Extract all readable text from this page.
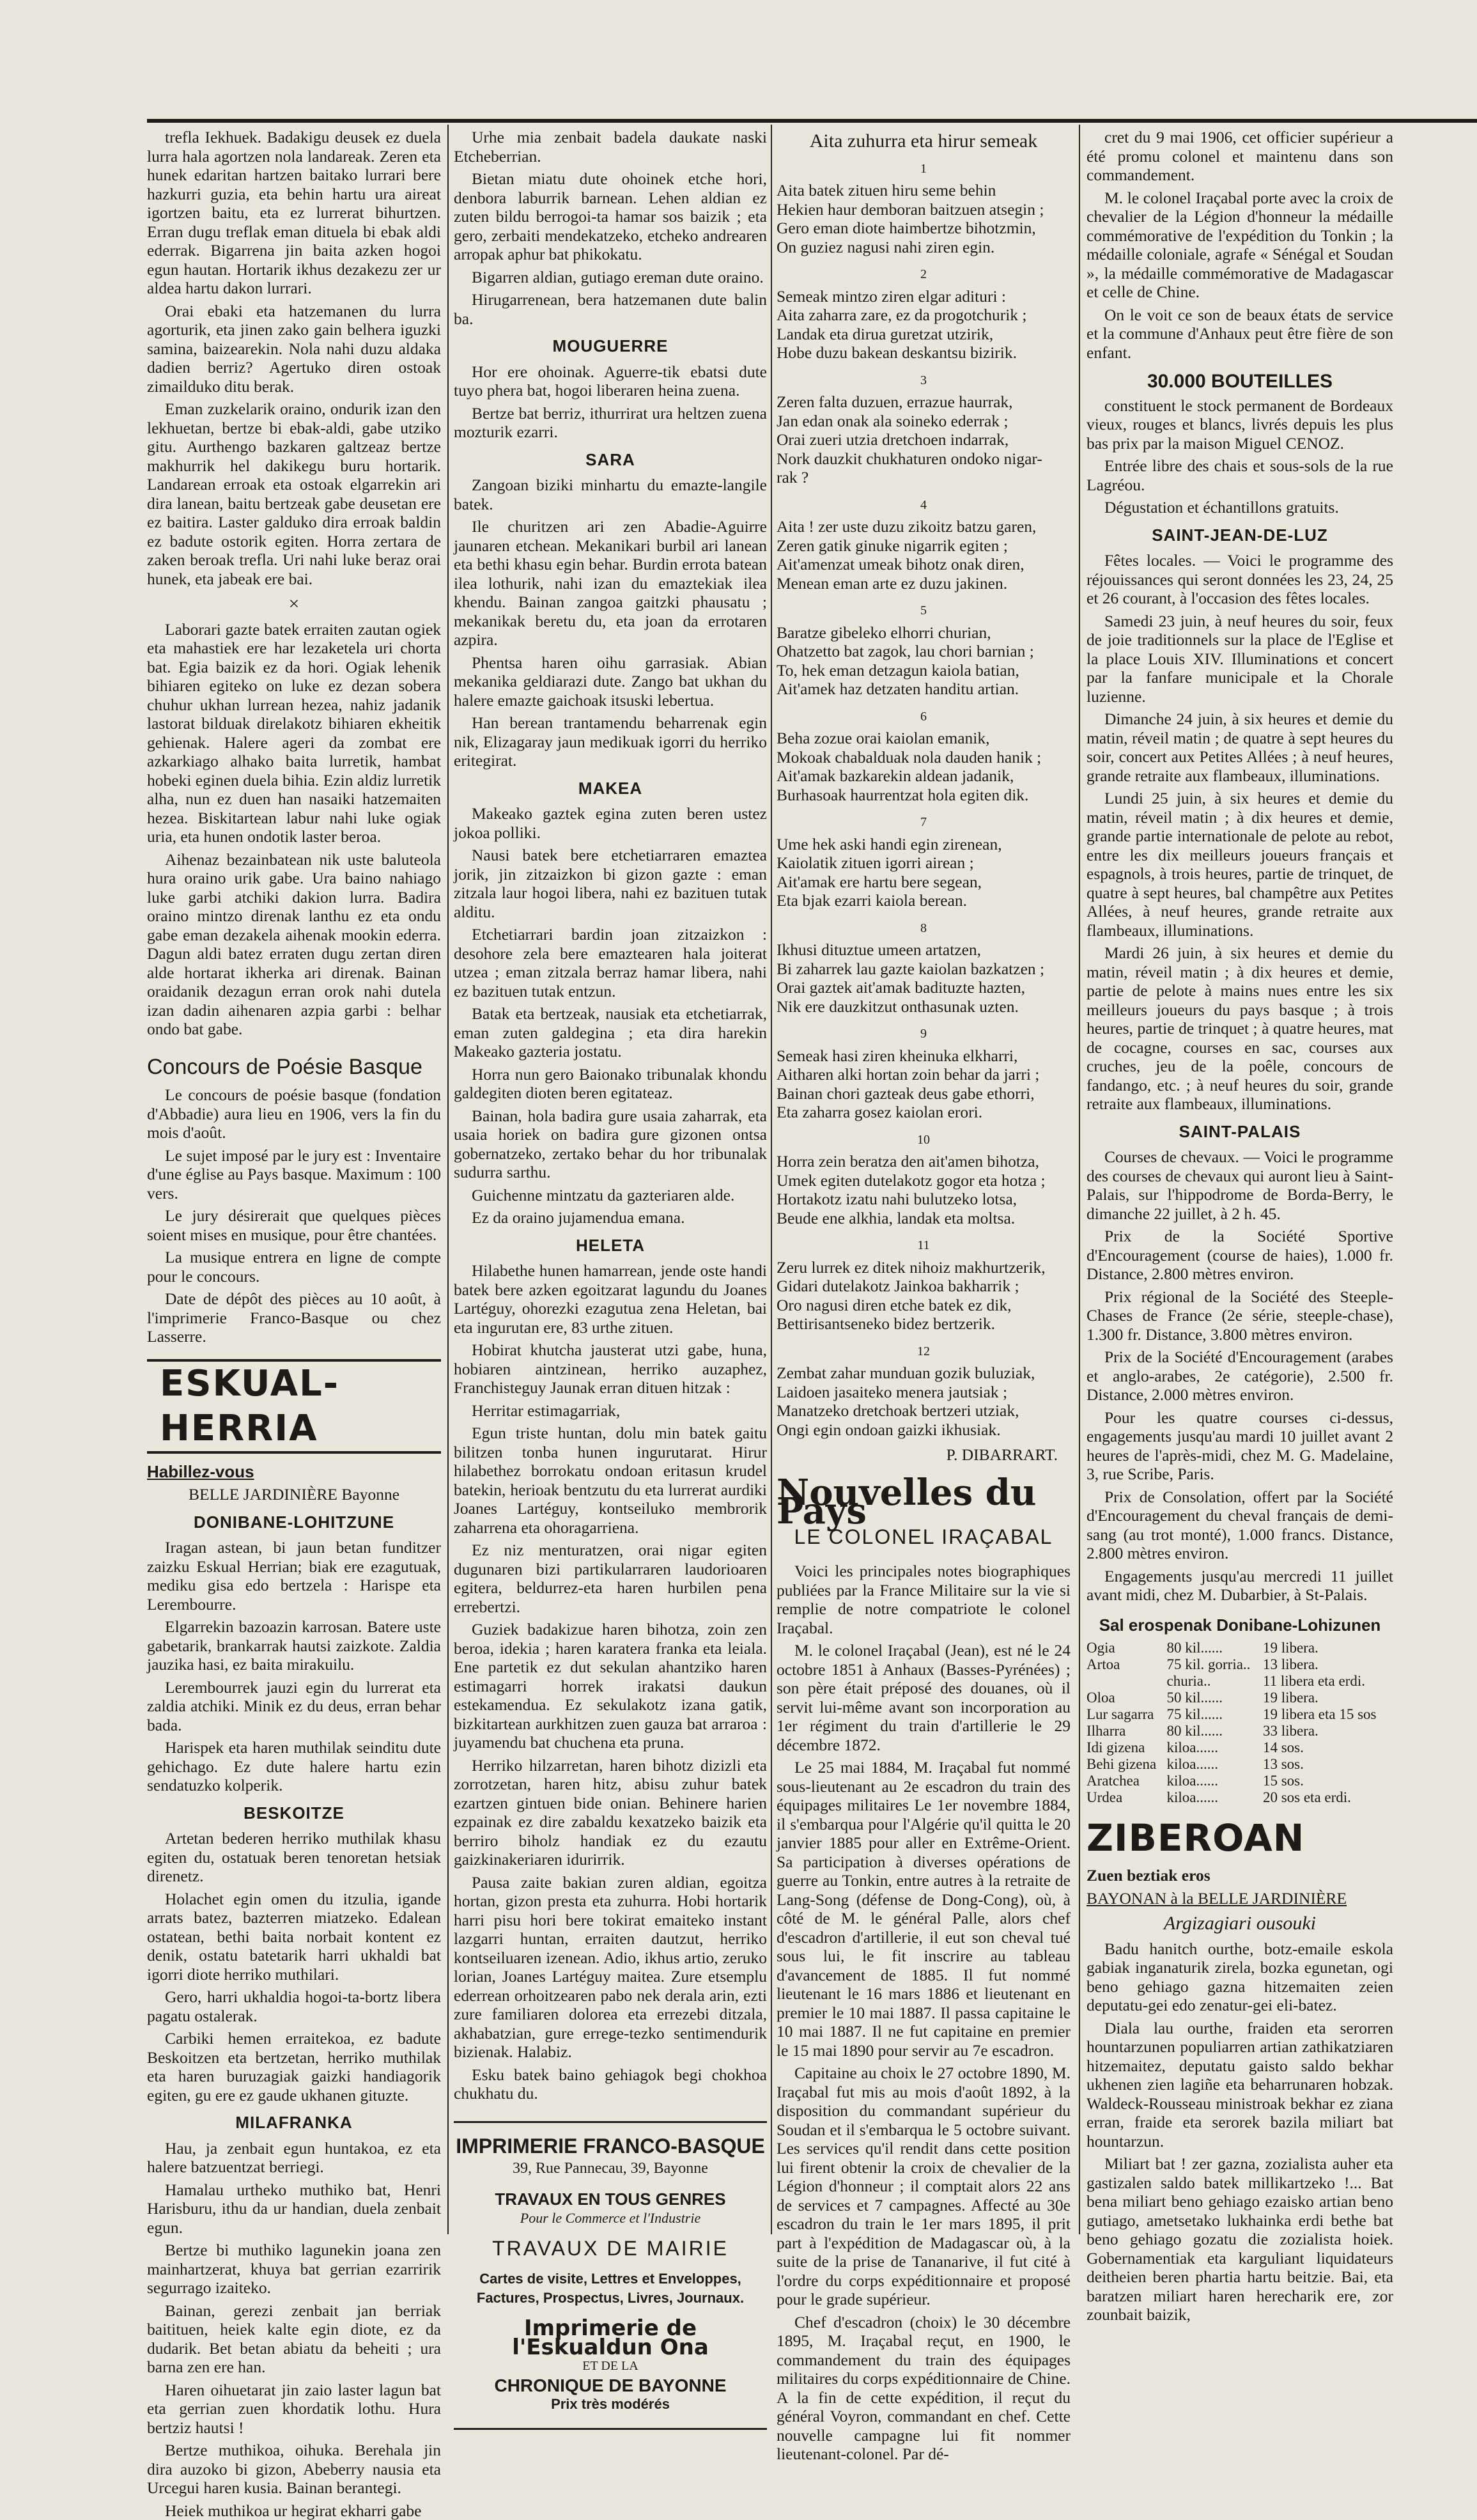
trefla Iekhuek. Badakigu deusek ez duela lurra hala agortzen nola landareak. Zeren eta hunek edaritan hartzen baitako lurrari bere hazkurri guzia, eta behin hartu ura aireat igortzen baitu, eta ez lurrerat bihurtzen. Erran dugu treflak eman dituela bi ebak aldi ederrak. Bigarrena jin baita azken hogoi egun hautan. Hortarik ikhus dezakezu zer ur aldea hartu dakon lurrari.

Orai ebaki eta hatzemanen du lurra agorturik, eta jinen zako gain belhera iguzki samina, baizearekin. Nola nahi duzu aldaka dadien berriz? Agertuko diren ostoak zimailduko ditu berak.

Eman zuzkelarik oraino, ondurik izan den lekhuetan, bertze bi ebak-aldi, gabe utziko gitu. Aurthengo bazkaren galtzeaz bertze makhurrik hel dakikegu buru hortarik. Landarean erroak eta ostoak elgarrekin ari dira lanean, baitu bertzeak gabe deusetan ere ez baitira. Laster galduko dira erroak baldin ez badute ostorik egiten. Horra zertara de zaken beroak trefla. Uri nahi luke beraz orai hunek, eta jabeak ere bai.

×

Laborari gazte batek erraiten zautan ogiek eta mahastiek ere har lezaketela uri chorta bat. Egia baizik ez da hori. Ogiak lehenik bihiaren egiteko on luke ez dezan sobera chuhur ukhan lurrean hezea, nahiz jadanik lastorat bilduak direlakotz bihiaren ekheitik gehienak. Halere ageri da zombat ere azkarkiago alhako baita lurretik, hambat hobeki eginen duela bihia. Ezin aldiz lurretik alha, nun ez duen han nasaiki hatzemaiten hezea. Biskitartean labur nahi luke ogiak uria, eta hunen ondotik laster beroa.

Aihenaz bezainbatean nik uste baluteola hura oraino urik gabe. Ura baino nahiago luke garbi atchiki dakion lurra. Badira oraino mintzo direnak lanthu ez eta ondu gabe eman dezakela aihenak mookin ederra. Dagun aldi batez erraten dugu zertan diren alde hortarat ikherka ari direnak. Bainan oraidanik dezagun erran orok nahi dutela izan dadin aihenaren azpia garbi : belhar ondo bat gabe.

Concours de Poésie Basque

Le concours de poésie basque (fondation d'Abbadie) aura lieu en 1906, vers la fin du mois d'août.

Le sujet imposé par le jury est : Inventaire d'une église au Pays basque. Maximum : 100 vers.

Le jury désirerait que quelques pièces soient mises en musique, pour être chantées.

La musique entrera en ligne de compte pour le concours.

Date de dépôt des pièces au 10 août, à l'imprimerie Franco-Basque ou chez Lasserre.

ESKUAL-HERRIA
Habillez-vous

BELLE JARDINIÈRE Bayonne

DONIBANE-LOHITZUNE

Iragan astean, bi jaun betan funditzer zaizku Eskual Herrian; biak ere ezagutuak, mediku gisa edo bertzela : Harispe eta Lerembourre.

Elgarrekin bazoazin karrosan. Batere uste gabetarik, brankarrak hautsi zaizkote. Zaldia jauzika hasi, ez baita mirakuilu.

Lerembourrek jauzi egin du lurrerat eta zaldia atchiki. Minik ez du deus, erran behar bada.

Harispek eta haren muthilak seinditu dute gehichago. Ez dute halere hartu ezin sendatuzko kolperik.

BESKOITZE

Artetan bederen herriko muthilak khasu egiten du, ostatuak beren tenoretan hetsiak direnetz.

Holachet egin omen du itzulia, igande arrats batez, bazterren miatzeko. Edalean ostatean, bethi baita norbait kontent ez denik, ostatu batetarik harri ukhaldi bat igorri diote herriko muthilari.

Gero, harri ukhaldia hogoi-ta-bortz libera pagatu ostalerak.

Carbiki hemen erraitekoa, ez badute Beskoitzen eta bertzetan, herriko muthilak eta haren buruzagiak gaizki handiagorik egiten, gu ere ez gaude ukhanen gituzte.

MILAFRANKA

Hau, ja zenbait egun huntakoa, ez eta halere batzuentzat berriegi.

Hamalau urtheko muthiko bat, Henri Harisburu, ithu da ur handian, duela zenbait egun.

Bertze bi muthiko lagunekin joana zen mainhartzerat, khuya bat gerrian ezarririk segurrago izaiteko.

Bainan, gerezi zenbait jan berriak baitituen, heiek kalte egin diote, ez da dudarik. Bet betan abiatu da beheiti ; ura barna zen ere han.

Haren oihuetarat jin zaio laster lagun bat eta gerrian zuen khordatik lothu. Hura bertziz hautsi !

Bertze muthikoa, oihuka. Berehala jin dira auzoko bi gizon, Abeberry nausia eta Urcegui haren kusia. Bainan berantegi.

Heiek muthikoa ur hegirat ekharri gabe

Urhe mia zenbait badela daukate naski Etcheberrian.

Bietan miatu dute ohoinek etche hori, denbora laburrik barnean. Lehen aldian ez zuten bildu berrogoi-ta hamar sos baizik ; eta gero, zerbaiti mendekatzeko, etcheko andrearen arropak aphur bat phikokatu.

Bigarren aldian, gutiago ereman dute oraino.

Hirugarrenean, bera hatzemanen dute balin ba.

MOUGUERRE

Hor ere ohoinak. Aguerre-tik ebatsi dute tuyo phera bat, hogoi liberaren heina zuena.

Bertze bat berriz, ithurrirat ura heltzen zuena mozturik ezarri.

SARA

Zangoan biziki minhartu du emazte-langile batek.

Ile churitzen ari zen Abadie-Aguirre jaunaren etchean. Mekanikari burbil ari lanean eta bethi khasu egin behar. Burdin errota batean ilea lothurik, nahi izan du emaztekiak ilea khendu. Bainan zangoa gaitzki phausatu ; mekanikak beretu du, eta joan da errotaren azpira.

Phentsa haren oihu garrasiak. Abian mekanika geldiarazi dute. Zango bat ukhan du halere emazte gaichoak itsuski lebertua.

Han berean trantamendu beharrenak egin nik, Elizagaray jaun medikuak igorri du herriko eritegirat.

MAKEA

Makeako gaztek egina zuten beren ustez jokoa polliki.

Nausi batek bere etchetiarraren emaztea jorik, jin zitzaizkon bi gizon gazte : eman zitzala laur hogoi libera, nahi ez bazituen tutak alditu.

Etchetiarrari bardin joan zitzaizkon : desohore zela bere emaztearen hala joiterat utzea ; eman zitzala berraz hamar libera, nahi ez bazituen tutak entzun.

Batak eta bertzeak, nausiak eta etchetiarrak, eman zuten galdegina ; eta dira harekin Makeako gazteria jostatu.

Horra nun gero Baionako tribunalak khondu galdegiten dioten beren egitateaz.

Bainan, hola badira gure usaia zaharrak, eta usaia horiek on badira gure gizonen ontsa gobernatzeko, zertako behar du hor tribunalak sudurra sarthu.

Guichenne mintzatu da gazteriaren alde.

Ez da oraino jujamendua emana.

HELETA

Hilabethe hunen hamarrean, jende oste handi batek bere azken egoitzarat lagundu du Joanes Lartéguy, ohorezki ezagutua zena Heletan, bai eta ingurutan ere, 83 urthe zituen.

Hobirat khutcha jausterat utzi gabe, huna, hobiaren aintzinean, herriko auzaphez, Franchisteguy Jaunak erran dituen hitzak :

Herritar estimagarriak,

Egun triste huntan, dolu min batek gaitu bilitzen tonba hunen ingurutarat. Hirur hilabethez borrokatu ondoan eritasun krudel batekin, herioak bentzutu du eta lurrerat aurdiki Joanes Lartéguy, kontseiluko membrorik zaharrena eta ohoragarriena.

Ez niz menturatzen, orai nigar egiten dugunaren bizi partikularraren laudorioaren egitera, beldurrez-eta haren hurbilen pena errebertzi.

Guziek badakizue haren bihotza, zoin zen beroa, idekia ; haren karatera franka eta leiala. Ene partetik ez dut sekulan ahantziko haren estimagarri horrek irakatsi daukun estekamendua. Ez sekulakotz izana gatik, bizkitartean aurkhitzen zuen gauza bat arraroa : juyamendu bat chuchena eta pruna.

Herriko hilzarretan, haren bihotz dizizli eta zorrotzetan, haren hitz, abisu zuhur batek ezartzen gintuen bide onian. Behinere harien ezpainak ez dire zabaldu kexatzeko baizik eta berriro biholz handiak ez du ezautu gaizkinakeriaren idurirrik.

Pausa zaite bakian zuren aldian, egoitza hortan, gizon presta eta zuhurra. Hobi hortarik harri pisu hori bere tokirat emaiteko instant lazgarri huntan, erraiten dautzut, herriko kontseiluaren izenean. Adio, ikhus artio, zeruko lorian, Joanes Lartéguy maitea. Zure etsemplu ederrean orhoitzearen pabo nek derala arin, ezti zure familiaren dolorea eta errezebi ditzala, akhabatzian, gure errege-tezko sentimendurik bizienak. Halabiz.

Esku batek baino gehiagok begi chokhoa chukhatu du.

IMPRIMERIE FRANCO-BASQUE
39, Rue Pannecau, 39, Bayonne
TRAVAUX EN TOUS GENRES
Pour le Commerce et l'Industrie
TRAVAUX DE MAIRIE
Cartes de visite, Lettres et Enveloppes, Factures, Prospectus, Livres, Journaux.
Imprimerie de l'Eskualdun Ona
ET DE LA
CHRONIQUE DE BAYONNE
Prix très modérés
Aita zuhurra eta hirur semeak

1

Aita batek zituen hiru seme behin

Hekien haur demboran baitzuen atsegin ;

Gero eman diote haimbertze bihotzmin,

On guziez nagusi nahi ziren egin.

2

Semeak mintzo ziren elgar adituri :

Aita zaharra zare, ez da progotchurik ;

Landak eta dirua guretzat utzirik,

Hobe duzu bakean deskantsu bizirik.

3

Zeren falta duzuen, errazue haurrak,

Jan edan onak ala soineko ederrak ;

Orai zueri utzia dretchoen indarrak,

Nork dauzkit chukhaturen ondoko nigar-

rak ?

4

Aita ! zer uste duzu zikoitz batzu garen,

Zeren gatik ginuke nigarrik egiten ;

Ait'amenzat umeak bihotz onak diren,

Menean eman arte ez duzu jakinen.

5

Baratze gibeleko elhorri churian,

Ohatzetto bat zagok, lau chori barnian ;

To, hek eman detzagun kaiola batian,

Ait'amek haz detzaten handitu artian.

6

Beha zozue orai kaiolan emanik,

Mokoak chabalduak nola dauden hanik ;

Ait'amak bazkarekin aldean jadanik,

Burhasoak haurrentzat hola egiten dik.

7

Ume hek aski handi egin zirenean,

Kaiolatik zituen igorri airean ;

Ait'amak ere hartu bere segean,

Eta bjak ezarri kaiola berean.

8

Ikhusi dituztue umeen artatzen,

Bi zaharrek lau gazte kaiolan bazkatzen ;

Orai gaztek ait'amak badituzte hazten,

Nik ere dauzkitzut onthasunak uzten.

9

Semeak hasi ziren kheinuka elkharri,

Aitharen alki hortan zoin behar da jarri ;

Bainan chori gazteak deus gabe ethorri,

Eta zaharra gosez kaiolan erori.

10

Horra zein beratza den ait'amen bihotza,

Umek egiten dutelakotz gogor eta hotza ;

Hortakotz izatu nahi bulutzeko lotsa,

Beude ene alkhia, landak eta moltsa.

11

Zeru lurrek ez ditek nihoiz makhurtzerik,

Gidari dutelakotz Jainkoa bakharrik ;

Oro nagusi diren etche batek ez dik,

Bettirisantseneko bidez bertzerik.

12

Zembat zahar munduan gozik buluziak,

Laidoen jasaiteko menera jautsiak ;

Manatzeko dretchoak bertzeri utziak,

Ongi egin ondoan gaizki ikhusiak.

P. DIBARRART.
Nouvelles du Pays
LE COLONEL IRAÇABAL

Voici les principales notes biographiques publiées par la France Militaire sur la vie si remplie de notre compatriote le colonel Iraçabal.

M. le colonel Iraçabal (Jean), est né le 24 octobre 1851 à Anhaux (Basses-Pyrénées) ; son père était préposé des douanes, où il servit lui-même avant son incorporation au 1er régiment du train d'artillerie le 29 décembre 1872.

Le 25 mai 1884, M. Iraçabal fut nommé sous-lieutenant au 2e escadron du train des équipages militaires Le 1er novembre 1884, il s'embarqua pour l'Algérie qu'il quitta le 20 janvier 1885 pour aller en Extrême-Orient. Sa participation à diverses opérations de guerre au Tonkin, entre autres à la retraite de Lang-Song (défense de Dong-Cong), où, à côté de M. le général Palle, alors chef d'escadron d'artillerie, il eut son cheval tué sous lui, le fit inscrire au tableau d'avancement de 1885. Il fut nommé lieutenant le 16 mars 1886 et lieutenant en premier le 10 mai 1887. Il passa capitaine le 10 mai 1887. Il ne fut capitaine en premier le 15 mai 1890 pour servir au 7e escadron.

Capitaine au choix le 27 octobre 1890, M. Iraçabal fut mis au mois d'août 1892, à la disposition du commandant supérieur du Soudan et il s'embarqua le 5 octobre suivant. Les services qu'il rendit dans cette position lui firent obtenir la croix de chevalier de la Légion d'honneur ; il comptait alors 22 ans de services et 7 campagnes. Affecté au 30e escadron du train le 1er mars 1895, il prit part à l'expédition de Madagascar où, à la suite de la prise de Tananarive, il fut cité à l'ordre du corps expéditionnaire et proposé pour le grade supérieur.

Chef d'escadron (choix) le 30 décembre 1895, M. Iraçabal reçut, en 1900, le commandement du train des équipages militaires du corps expéditionnaire de Chine. A la fin de cette expédition, il reçut du général Voyron, commandant en chef. Cette nouvelle campagne lui fit nommer lieutenant-colonel. Par dé-

cret du 9 mai 1906, cet officier supérieur a été promu colonel et maintenu dans son commandement.

M. le colonel Iraçabal porte avec la croix de chevalier de la Légion d'honneur la médaille commémorative de l'expédition du Tonkin ; la médaille coloniale, agrafe « Sénégal et Soudan », la médaille commémorative de Madagascar et celle de Chine.

On le voit ce son de beaux états de service et la commune d'Anhaux peut être fière de son enfant.

30.000 BOUTEILLES

constituent le stock permanent de Bordeaux vieux, rouges et blancs, livrés depuis les plus bas prix par la maison Miguel CENOZ.

Entrée libre des chais et sous-sols de la rue Lagréou.

Dégustation et échantillons gratuits.

SAINT-JEAN-DE-LUZ

Fêtes locales. — Voici le programme des réjouissances qui seront données les 23, 24, 25 et 26 courant, à l'occasion des fêtes locales.

Samedi 23 juin, à neuf heures du soir, feux de joie traditionnels sur la place de l'Eglise et la place Louis XIV. Illuminations et concert par la fanfare municipale et la Chorale luzienne.

Dimanche 24 juin, à six heures et demie du matin, réveil matin ; de quatre à sept heures du soir, concert aux Petites Allées ; à neuf heures, grande retraite aux flambeaux, illuminations.

Lundi 25 juin, à six heures et demie du matin, réveil matin ; à dix heures et demie, grande partie internationale de pelote au rebot, entre les dix meilleurs joueurs français et espagnols, à trois heures, partie de trinquet, de quatre à sept heures, bal champêtre aux Petites Allées, à neuf heures, grande retraite aux flambeaux, illuminations.

Mardi 26 juin, à six heures et demie du matin, réveil matin ; à dix heures et demie, partie de pelote à mains nues entre les six meilleurs joueurs du pays basque ; à trois heures, partie de trinquet ; à quatre heures, mat de cocagne, courses en sac, courses aux cruches, jeu de la poêle, concours de fandango, etc. ; à neuf heures du soir, grande retraite aux flambeaux, illuminations.

SAINT-PALAIS

Courses de chevaux. — Voici le programme des courses de chevaux qui auront lieu à Saint-Palais, sur l'hippodrome de Borda-Berry, le dimanche 22 juillet, à 2 h. 45.

Prix de la Société Sportive d'Encouragement (course de haies), 1.000 fr. Distance, 2.800 mètres environ.

Prix régional de la Société des Steeple-Chases de France (2e série, steeple-chase), 1.300 fr. Distance, 3.800 mètres environ.

Prix de la Société d'Encouragement (arabes et anglo-arabes, 2e catégorie), 2.500 fr. Distance, 2.000 mètres environ.

Pour les quatre courses ci-dessus, engagements jusqu'au mardi 10 juillet avant 2 heures de l'après-midi, chez M. G. Madelaine, 3, rue Scribe, Paris.

Prix de Consolation, offert par la Société d'Encouragement du cheval français de demi-sang (au trot monté), 1.000 francs. Distance, 2.800 mètres environ.

Engagements jusqu'au mercredi 11 juillet avant midi, chez M. Dubarbier, à St-Palais.

Sal erospenak Donibane-Lohizunen
Ogia	80 kil......	19 libera.
Artoa	75 kil. gorria..	13 libera.
	churia..	11 libera eta erdi.
Oloa	50 kil......	19 libera.
Lur sagarra	75 kil......	19 libera eta 15 sos
Ilharra	80 kil......	33 libera.
Idi gizena	kiloa......	14 sos.
Behi gizena	kiloa......	13 sos.
Aratchea	kiloa......	15 sos.
Urdea	kiloa......	20 sos eta erdi.
ZIBEROAN

Zuen beztiak eros

BAYONAN à la BELLE JARDINIÈRE

Argizagiari ousouki

Badu hanitch ourthe, botz-emaile eskola gabiak inganaturik zirela, bozka egunetan, ogi beno gehiago gazna hitzemaiten zeien deputatu-gei edo zenatur-gei eli-batez.

Diala lau ourthe, fraiden eta serorren hountarzunen populiarren artian zathikatziaren hitzemaitez, deputatu gaisto saldo bekhar ukhenen zien lagiñe eta beharrunaren hobzak. Waldeck-Rousseau ministroak bekhar ez ziana erran, fraide eta serorek bazila miliart bat hountarzun.

Miliart bat ! zer gazna, zozialista auher eta gastizalen saldo batek millikartzeko !... Bat bena miliart beno gehiago ezaisko artian beno gutiago, ametsetako lukhainka erdi bethe bat beno gehiago gozatu die zozialista hoiek. Gobernamentiak eta karguliant liquidateurs deitheien beren phartia hartu beitzie. Bai, eta baratzen miliart haren herecharik ere, zor zounbait baizik,
